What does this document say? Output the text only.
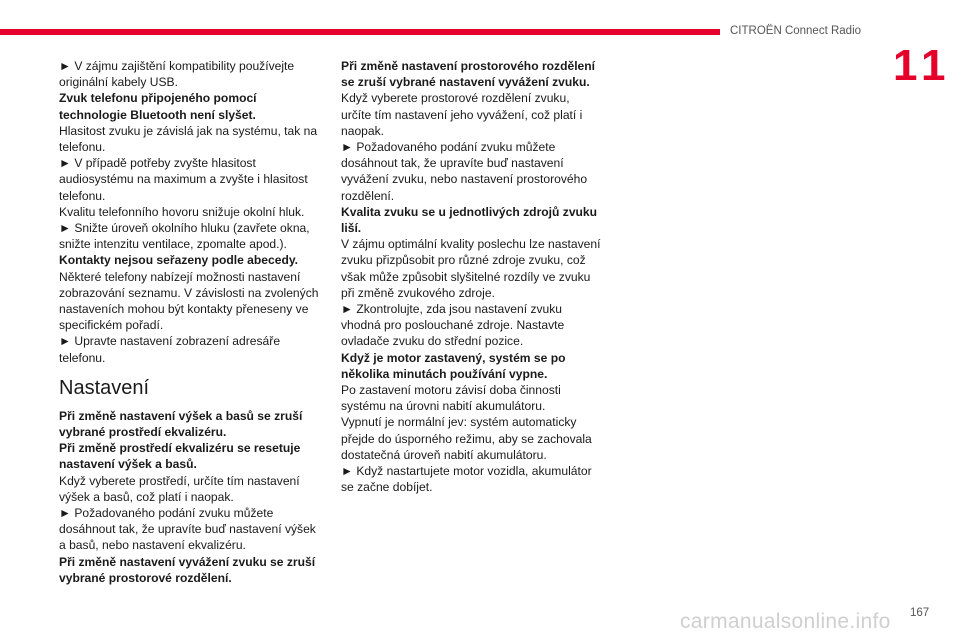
CITROËN Connect Radio
11

► V zájmu zajištění kompatibility používejte originální kabely USB.

Zvuk telefonu připojeného pomocí technologie Bluetooth není slyšet.

Hlasitost zvuku je závislá jak na systému, tak na telefonu.

► V případě potřeby zvyšte hlasitost audiosystému na maximum a zvyšte i hlasitost telefonu.

Kvalitu telefonního hovoru snižuje okolní hluk.

► Snižte úroveň okolního hluku (zavřete okna, snižte intenzitu ventilace, zpomalte apod.).

Kontakty nejsou seřazeny podle abecedy.

Některé telefony nabízejí možnosti nastavení zobrazování seznamu. V závislosti na zvolených nastaveních mohou být kontakty přeneseny ve specifickém pořadí.

► Upravte nastavení zobrazení adresáře telefonu.

Nastavení

Při změně nastavení výšek a basů se zruší vybrané prostředí ekvalizéru.

Při změně prostředí ekvalizéru se resetuje nastavení výšek a basů.

Když vyberete prostředí, určíte tím nastavení výšek a basů, což platí i naopak.

► Požadovaného podání zvuku můžete dosáhnout tak, že upravíte buď nastavení výšek a basů, nebo nastavení ekvalizéru.

Při změně nastavení vyvážení zvuku se zruší vybrané prostorové rozdělení.

Při změně nastavení prostorového rozdělení se zruší vybrané nastavení vyvážení zvuku.

Když vyberete prostorové rozdělení zvuku, určíte tím nastavení jeho vyvážení, což platí i naopak.

► Požadovaného podání zvuku můžete dosáhnout tak, že upravíte buď nastavení vyvážení zvuku, nebo nastavení prostorového rozdělení.

Kvalita zvuku se u jednotlivých zdrojů zvuku liší.

V zájmu optimální kvality poslechu lze nastavení zvuku přizpůsobit pro různé zdroje zvuku, což však může způsobit slyšitelné rozdíly ve zvuku při změně zvukového zdroje.

► Zkontrolujte, zda jsou nastavení zvuku vhodná pro poslouchané zdroje. Nastavte ovladače zvuku do střední pozice.

Když je motor zastavený, systém se po několika minutách používání vypne.

Po zastavení motoru závisí doba činnosti systému na úrovni nabití akumulátoru.

Vypnutí je normální jev: systém automaticky přejde do úsporného režimu, aby se zachovala dostatečná úroveň nabití akumulátoru.

► Když nastartujete motor vozidla, akumulátor se začne dobíjet.

carmanualsonline.info 167
